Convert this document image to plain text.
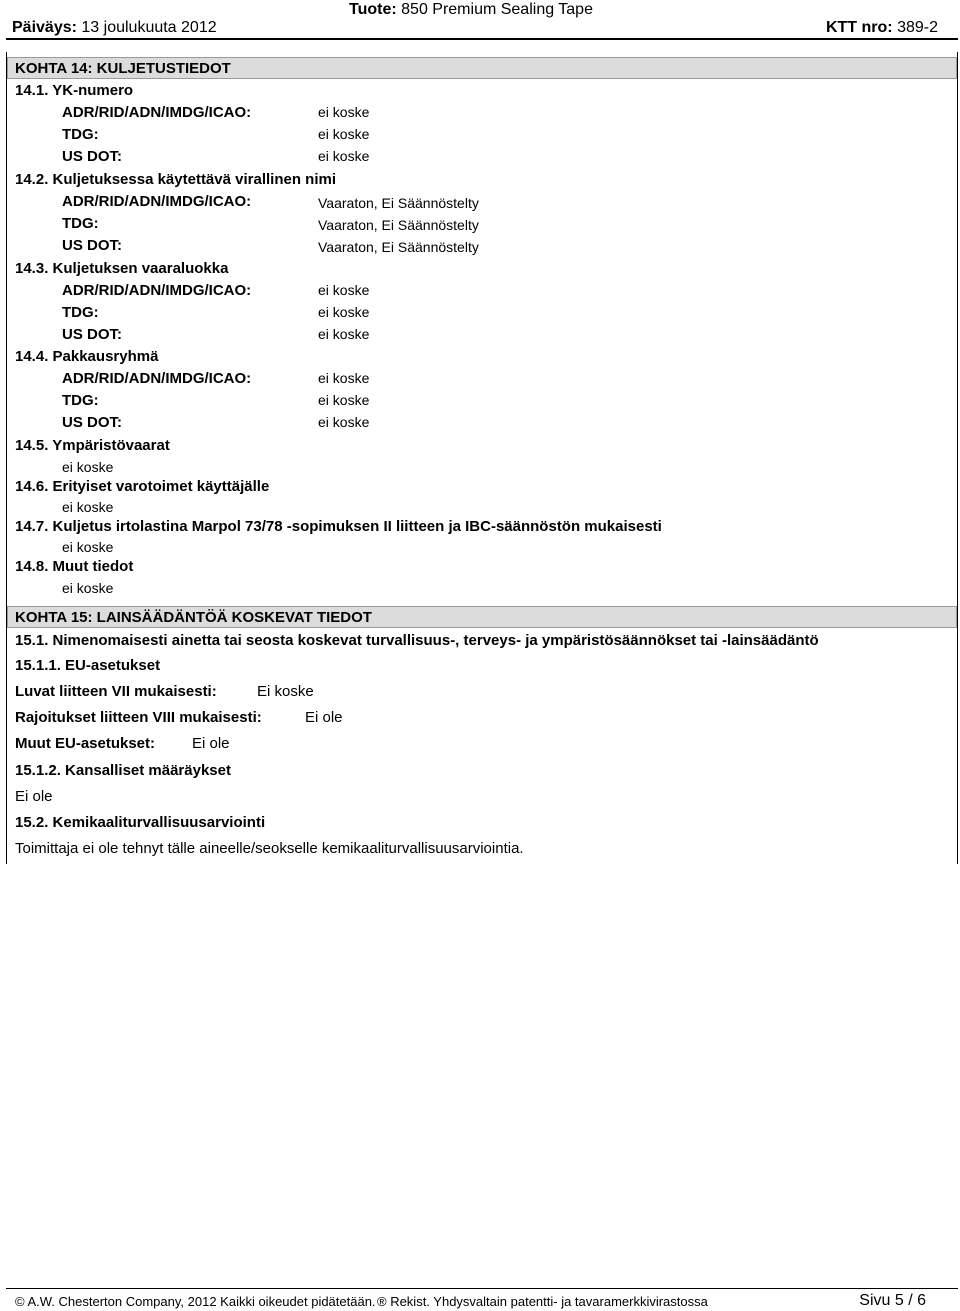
Tuote: 850 Premium Sealing Tape
Päiväys: 13 joulukuuta 2012	KTT nro: 389-2
KOHTA 14: KULJETUSTIEDOT
14.1. YK-numero
ADR/RID/ADN/IMDG/ICAO:	ei koske
TDG:	ei koske
US DOT:	ei koske
14.2. Kuljetuksessa käytettävä virallinen nimi
ADR/RID/ADN/IMDG/ICAO:	Vaaraton, Ei Säännöstelty
TDG:	Vaaraton, Ei Säännöstelty
US DOT:	Vaaraton, Ei Säännöstelty
14.3. Kuljetuksen vaaraluokka
ADR/RID/ADN/IMDG/ICAO:	ei koske
TDG:	ei koske
US DOT:	ei koske
14.4. Pakkausryhmä
ADR/RID/ADN/IMDG/ICAO:	ei koske
TDG:	ei koske
US DOT:	ei koske
14.5. Ympäristövaarat
ei koske
14.6. Erityiset varotoimet käyttäjälle
ei koske
14.7. Kuljetus irtolastina Marpol 73/78 -sopimuksen II liitteen ja IBC-säännöstön mukaisesti
ei koske
14.8. Muut tiedot
ei koske
KOHTA 15: LAINSÄÄDÄNTÖÄ KOSKEVAT TIEDOT
15.1. Nimenomaisesti ainetta tai seosta koskevat turvallisuus-, terveys- ja ympäristösäännökset tai -lainsäädäntö
15.1.1. EU-asetukset
Luvat liitteen VII mukaisesti:	Ei koske
Rajoitukset liitteen VIII mukaisesti:	Ei ole
Muut EU-asetukset: Ei ole
15.1.2. Kansalliset määräykset
Ei ole
15.2. Kemikaaliturvallisuusarviointi
Toimittaja ei ole tehnyt tälle aineelle/seokselle kemikaaliturvallisuusarviointia.
© A.W. Chesterton Company, 2012 Kaikki oikeudet pidätetään. ® Rekist. Yhdysvaltain patentti- ja tavaramerkkivirastossa	Sivu 5 / 6
